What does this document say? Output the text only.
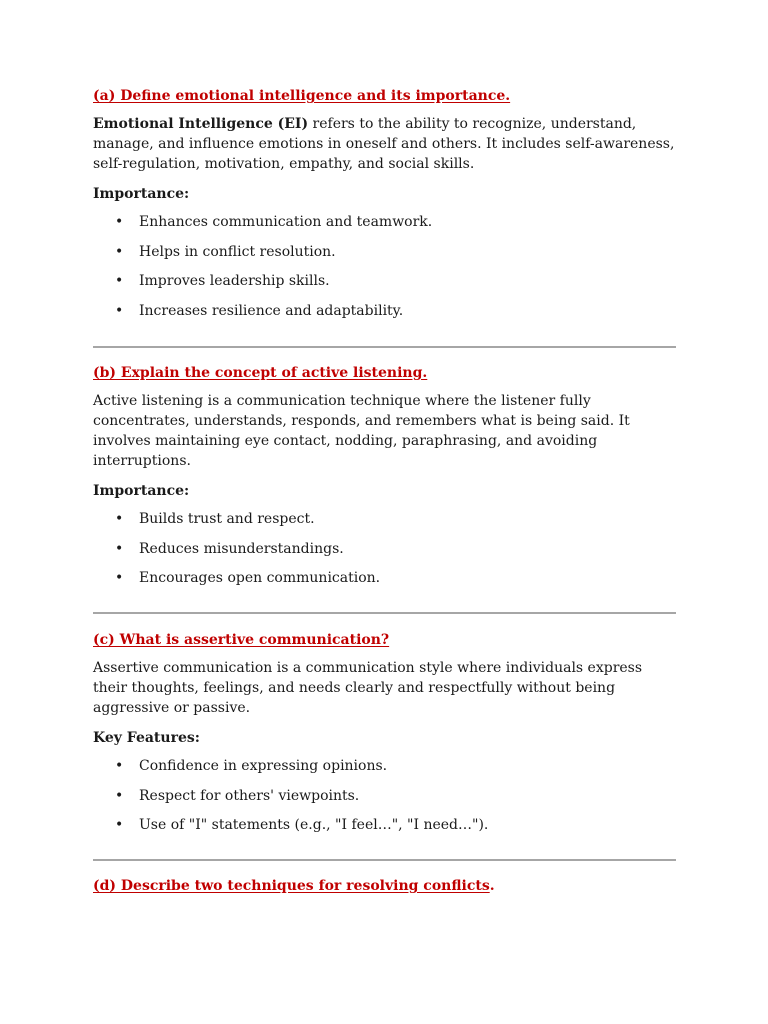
(a) Define emotional intelligence and its importance.
Emotional Intelligence (EI) refers to the ability to recognize, understand, manage, and influence emotions in oneself and others. It includes self-awareness, self-regulation, motivation, empathy, and social skills.
Importance:
• Enhances communication and teamwork.
• Helps in conflict resolution.
• Improves leadership skills.
• Increases resilience and adaptability.
(b) Explain the concept of active listening.
Active listening is a communication technique where the listener fully concentrates, understands, responds, and remembers what is being said. It involves maintaining eye contact, nodding, paraphrasing, and avoiding interruptions.
Importance:
• Builds trust and respect.
• Reduces misunderstandings.
• Encourages open communication.
(c) What is assertive communication?
Assertive communication is a communication style where individuals express their thoughts, feelings, and needs clearly and respectfully without being aggressive or passive.
Key Features:
• Confidence in expressing opinions.
• Respect for others' viewpoints.
• Use of "I" statements (e.g., "I feel…", "I need…").
(d) Describe two techniques for resolving conflicts.
